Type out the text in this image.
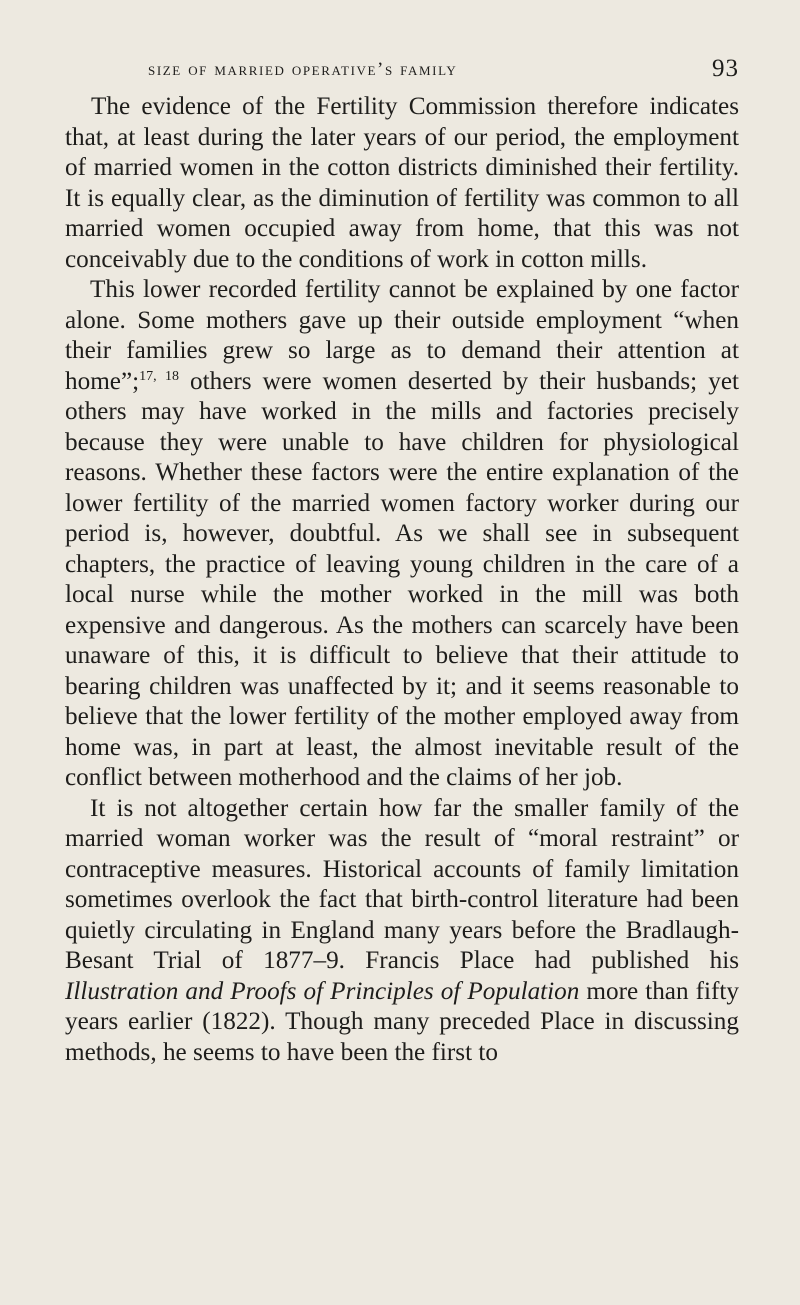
size of married operative’s family	93

The evidence of the Fertility Commission therefore indicates that, at least during the later years of our period, the employment of married women in the cotton districts diminished their fertility. It is equally clear, as the diminution of fertility was common to all married women occupied away from home, that this was not conceivably due to the conditions of work in cotton mills.

This lower recorded fertility cannot be explained by one factor alone. Some mothers gave up their outside employment “when their families grew so large as to demand their attention at home”;$^{17,}$ $^{18}$ others were women deserted by their husbands; yet others may have worked in the mills and factories precisely because they were unable to have children for physiological reasons. Whether these factors were the entire explanation of the lower fertility of the married women factory worker during our period is, however, doubtful. As we shall see in subsequent chapters, the practice of leaving young children in the care of a local nurse while the mother worked in the mill was both expensive and dangerous. As the mothers can scarcely have been unaware of this, it is difficult to believe that their attitude to bearing children was unaffected by it; and it seems reasonable to believe that the lower fertility of the mother employed away from home was, in part at least, the almost inevitable result of the conflict between motherhood and the claims of her job.

It is not altogether certain how far the smaller family of the married woman worker was the result of “moral restraint” or contraceptive measures. Historical accounts of family limitation sometimes overlook the fact that birth-control literature had been quietly circulating in England many years before the Bradlaugh-Besant Trial of 1877–9. Francis Place had published his Illustration and Proofs of Principles of Population more than fifty years earlier (1822). Though many preceded Place in discussing methods, he seems to have been the first to
